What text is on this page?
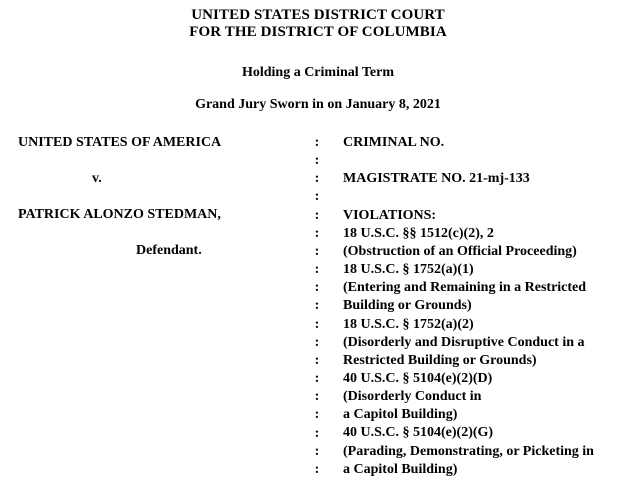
UNITED STATES DISTRICT COURT
FOR THE DISTRICT OF COLUMBIA
Holding a Criminal Term
Grand Jury Sworn in on January 8, 2021
UNITED STATES OF AMERICA
v.
PATRICK ALONZO STEDMAN,
Defendant.
:
:
:
:
:
:
:
:
:
:
:
:
:
:
:
:
:
:
:
CRIMINAL NO.
MAGISTRATE NO. 21-mj-133
VIOLATIONS:
18 U.S.C. §§ 1512(c)(2), 2
(Obstruction of an Official Proceeding)
18 U.S.C. § 1752(a)(1)
(Entering and Remaining in a Restricted
Building or Grounds)
18 U.S.C. § 1752(a)(2)
(Disorderly and Disruptive Conduct in a
Restricted Building or Grounds)
40 U.S.C. § 5104(e)(2)(D)
(Disorderly Conduct in
a Capitol Building)
40 U.S.C. § 5104(e)(2)(G)
(Parading, Demonstrating, or Picketing in
a Capitol Building)
